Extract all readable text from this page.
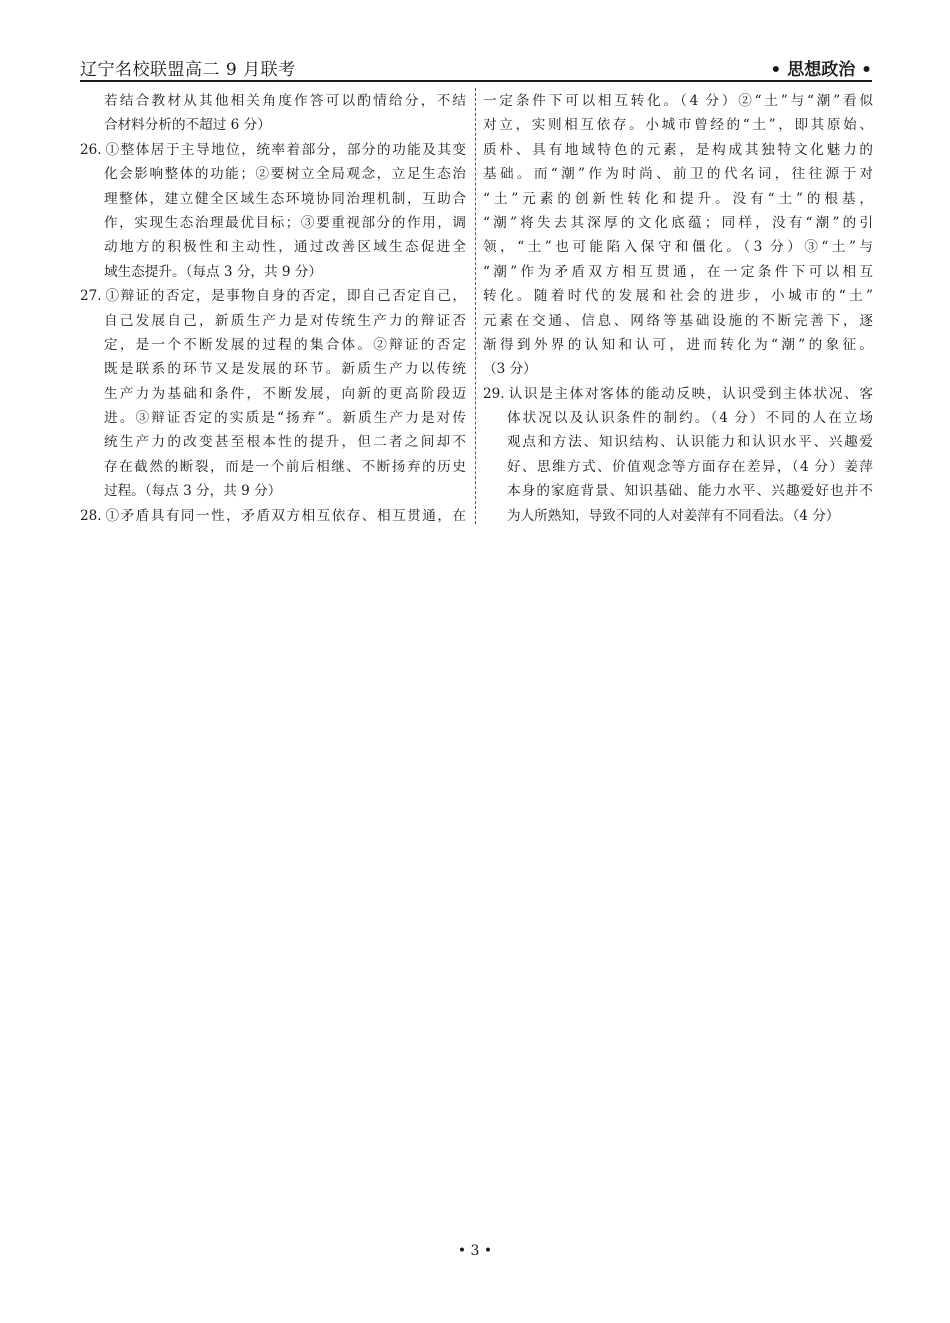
辽宁名校联盟高二 9 月联考	• 思想政治 •
若结合教材从其他相关角度作答可以酌情给分，不结
合材料分析的不超过 6 分）
26. ①整体居于主导地位，统率着部分，部分的功能及其变
化会影响整体的功能；②要树立全局观念，立足生态治
理整体，建立健全区域生态环境协同治理机制，互助合
作，实现生态治理最优目标；③要重视部分的作用，调
动地方的积极性和主动性，通过改善区域生态促进全
域生态提升。（每点 3 分，共 9 分）
27. ①辩证的否定，是事物自身的否定，即自己否定自己，
自己发展自己，新质生产力是对传统生产力的辩证否
定，是一个不断发展的过程的集合体。②辩证的否定
既是联系的环节又是发展的环节。新质生产力以传统
生产力为基础和条件，不断发展，向新的更高阶段迈
进。③辩证否定的实质是“扬弃”。新质生产力是对传
统生产力的改变甚至根本性的提升，但二者之间却不
存在截然的断裂，而是一个前后相继、不断扬弃的历史
过程。（每点 3 分，共 9 分）
28. ①矛盾具有同一性，矛盾双方相互依存、相互贯通，在
一定条件下可以相互转化。（4 分）②“土”与“潮”看似
对立，实则相互依存。小城市曾经的“土”，即其原始、
质朴、具有地域特色的元素，是构成其独特文化魅力的
基础。而“潮”作为时尚、前卫的代名词，往往源于对
“土”元素的创新性转化和提升。没有“土”的根基，
“潮”将失去其深厚的文化底蕴；同样，没有“潮”的引
领，“土”也可能陷入保守和僵化。（3 分）③“土”与
“潮”作为矛盾双方相互贯通，在一定条件下可以相互
转化。随着时代的发展和社会的进步，小城市的“土”
元素在交通、信息、网络等基础设施的不断完善下，逐
渐得到外界的认知和认可，进而转化为“潮”的象征。
（3 分）
29. 认识是主体对客体的能动反映，认识受到主体状况、客
体状况以及认识条件的制约。（4 分）不同的人在立场
观点和方法、知识结构、认识能力和认识水平、兴趣爱
好、思维方式、价值观念等方面存在差异，（4 分）姜萍
本身的家庭背景、知识基础、能力水平、兴趣爱好也并不
为人所熟知，导致不同的人对姜萍有不同看法。（4 分）
• 3 •
